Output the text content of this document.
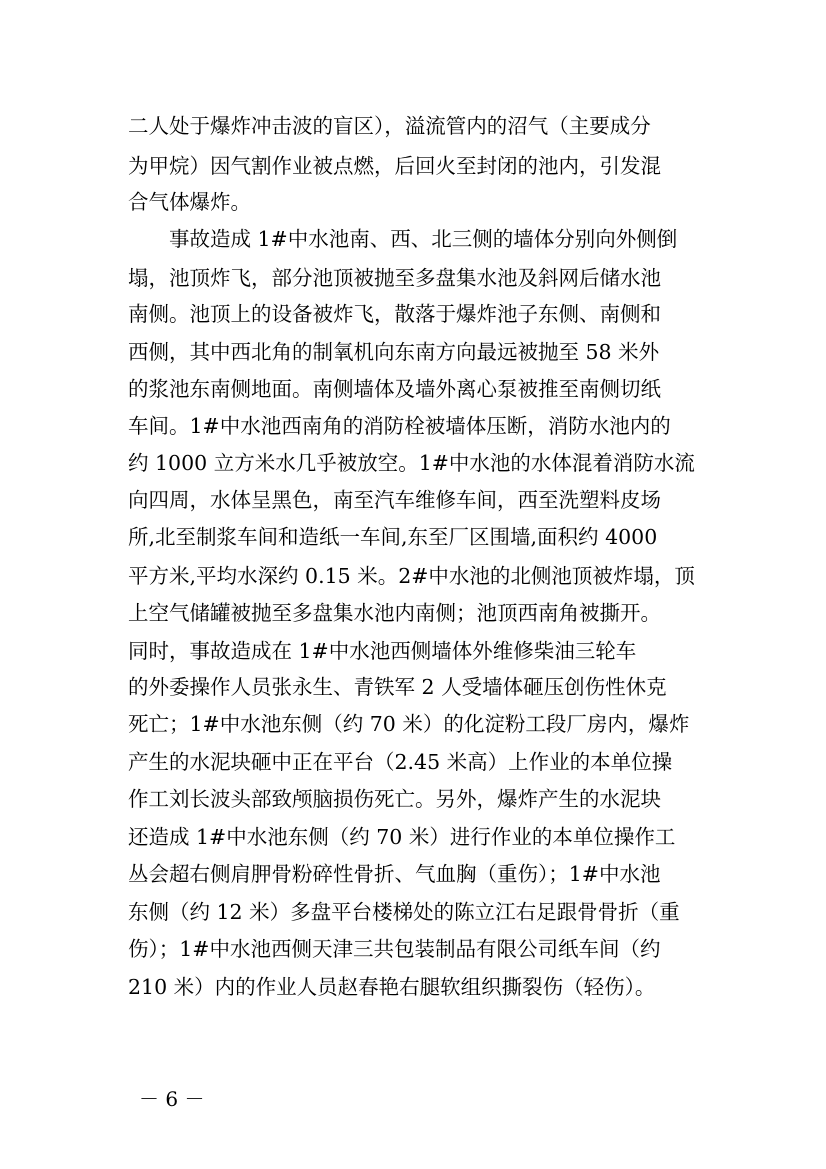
二人处于爆炸冲击波的盲区），溢流管内的沼气（主要成分
为甲烷）因气割作业被点燃，后回火至封闭的池内，引发混
合气体爆炸。
事故造成 1#中水池南、西、北三侧的墙体分别向外侧倒
塌，池顶炸飞，部分池顶被抛至多盘集水池及斜网后储水池
南侧。池顶上的设备被炸飞，散落于爆炸池子东侧、南侧和
西侧，其中西北角的制氧机向东南方向最远被抛至 58 米外
的浆池东南侧地面。南侧墙体及墙外离心泵被推至南侧切纸
车间。1#中水池西南角的消防栓被墙体压断，消防水池内的
约 1000 立方米水几乎被放空。1#中水池的水体混着消防水流
向四周，水体呈黑色，南至汽车维修车间，西至洗塑料皮场
所,北至制浆车间和造纸一车间,东至厂区围墙,面积约 4000
平方米,平均水深约 0.15 米。2#中水池的北侧池顶被炸塌，顶
上空气储罐被抛至多盘集水池内南侧；池顶西南角被撕开。
同时，事故造成在 1#中水池西侧墙体外维修柴油三轮车
的外委操作人员张永生、青铁军 2 人受墙体砸压创伤性休克
死亡；1#中水池东侧（约 70 米）的化淀粉工段厂房内，爆炸
产生的水泥块砸中正在平台（2.45 米高）上作业的本单位操
作工刘长波头部致颅脑损伤死亡。另外，爆炸产生的水泥块
还造成 1#中水池东侧（约 70 米）进行作业的本单位操作工
丛会超右侧肩胛骨粉碎性骨折、气血胸（重伤）；1#中水池
东侧（约 12 米）多盘平台楼梯处的陈立江右足跟骨骨折（重
伤）；1#中水池西侧天津三共包装制品有限公司纸车间（约
210 米）内的作业人员赵春艳右腿软组织撕裂伤（轻伤）。
－ 6 －
